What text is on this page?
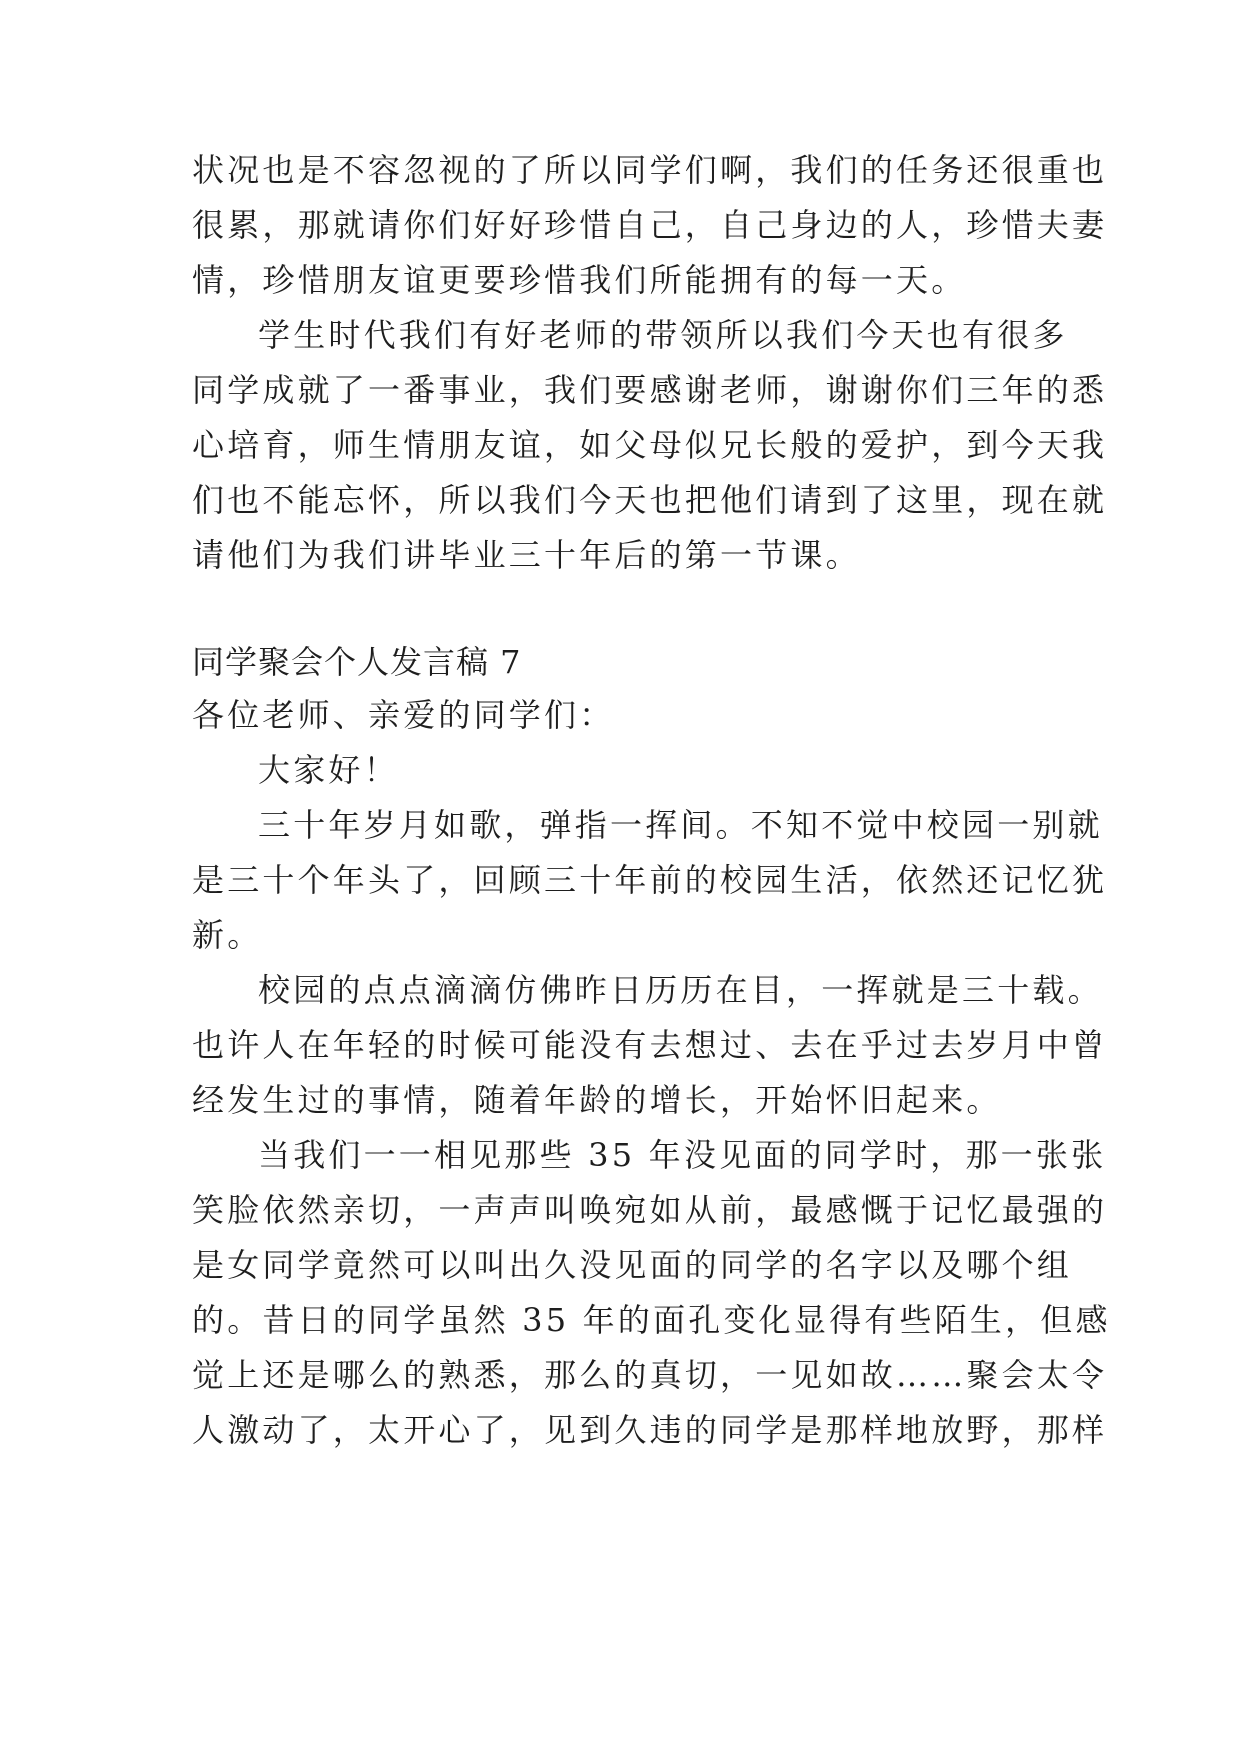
状况也是不容忽视的了所以同学们啊，我们的任务还很重也
很累，那就请你们好好珍惜自己，自己身边的人，珍惜夫妻
情，珍惜朋友谊更要珍惜我们所能拥有的每一天。
学生时代我们有好老师的带领所以我们今天也有很多
同学成就了一番事业，我们要感谢老师，谢谢你们三年的悉
心培育，师生情朋友谊，如父母似兄长般的爱护，到今天我
们也不能忘怀，所以我们今天也把他们请到了这里，现在就
请他们为我们讲毕业三十年后的第一节课。
同学聚会个人发言稿 7
各位老师、亲爱的同学们：
大家好！
三十年岁月如歌，弹指一挥间。不知不觉中校园一别就
是三十个年头了，回顾三十年前的校园生活，依然还记忆犹
新。
校园的点点滴滴仿佛昨日历历在目，一挥就是三十载。
也许人在年轻的时候可能没有去想过、去在乎过去岁月中曾
经发生过的事情，随着年龄的增长，开始怀旧起来。
当我们一一相见那些 35 年没见面的同学时，那一张张
笑脸依然亲切，一声声叫唤宛如从前，最感慨于记忆最强的
是女同学竟然可以叫出久没见面的同学的名字以及哪个组
的。昔日的同学虽然 35 年的面孔变化显得有些陌生，但感
觉上还是哪么的熟悉，那么的真切，一见如故……聚会太令
人激动了，太开心了，见到久违的同学是那样地放野，那样
